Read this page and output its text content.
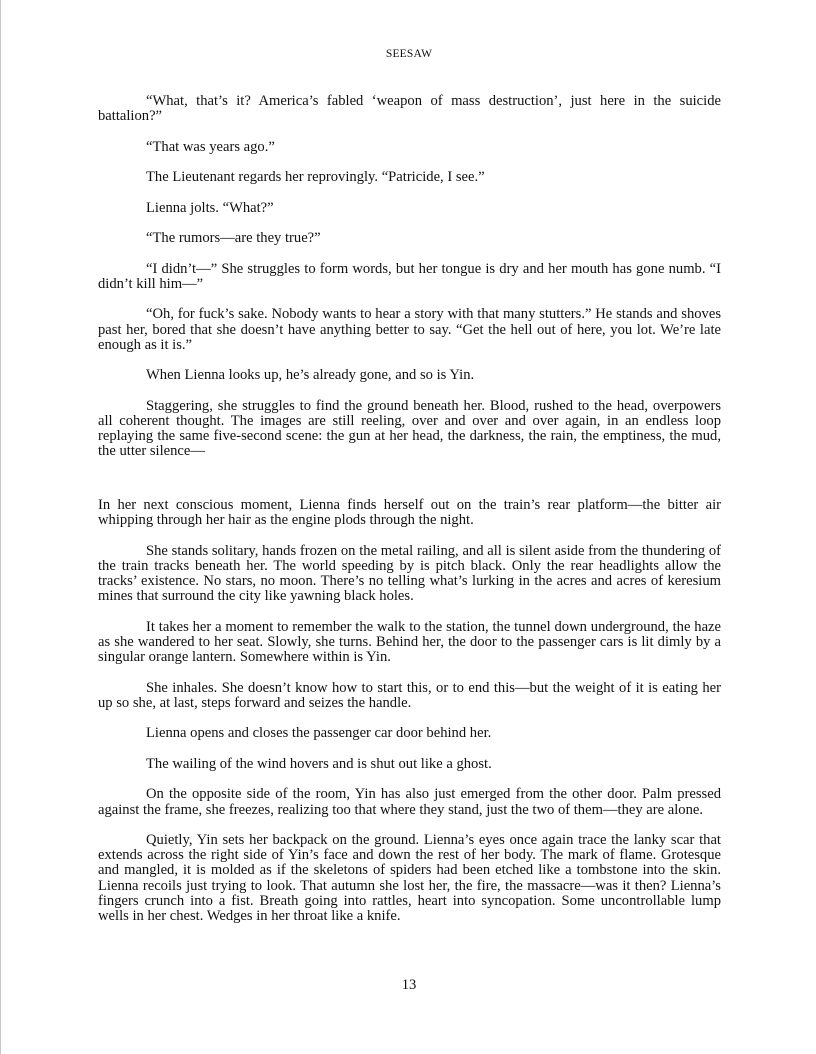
SEESAW

“What, that’s it? America’s fabled ‘weapon of mass destruction’, just here in the suicide battalion?”

“That was years ago.”

The Lieutenant regards her reprovingly. “Patricide, I see.”

Lienna jolts. “What?”

“The rumors—are they true?”

“I didn’t—” She struggles to form words, but her tongue is dry and her mouth has gone numb. “I didn’t kill him—”

“Oh, for fuck’s sake. Nobody wants to hear a story with that many stutters.” He stands and shoves past her, bored that she doesn’t have anything better to say. “Get the hell out of here, you lot. We’re late enough as it is.”

When Lienna looks up, he’s already gone, and so is Yin.

Staggering, she struggles to find the ground beneath her. Blood, rushed to the head, overpowers all coherent thought. The images are still reeling, over and over and over again, in an endless loop replaying the same five-second scene: the gun at her head, the darkness, the rain, the emptiness, the mud, the utter silence—

In her next conscious moment, Lienna finds herself out on the train’s rear platform—the bitter air whipping through her hair as the engine plods through the night.

She stands solitary, hands frozen on the metal railing, and all is silent aside from the thundering of the train tracks beneath her. The world speeding by is pitch black. Only the rear headlights allow the tracks’ existence. No stars, no moon. There’s no telling what’s lurking in the acres and acres of keresium mines that surround the city like yawning black holes.

It takes her a moment to remember the walk to the station, the tunnel down underground, the haze as she wandered to her seat. Slowly, she turns. Behind her, the door to the passenger cars is lit dimly by a singular orange lantern. Somewhere within is Yin.

She inhales. She doesn’t know how to start this, or to end this—but the weight of it is eating her up so she, at last, steps forward and seizes the handle.

Lienna opens and closes the passenger car door behind her.

The wailing of the wind hovers and is shut out like a ghost.

On the opposite side of the room, Yin has also just emerged from the other door. Palm pressed against the frame, she freezes, realizing too that where they stand, just the two of them—they are alone.

Quietly, Yin sets her backpack on the ground. Lienna’s eyes once again trace the lanky scar that extends across the right side of Yin’s face and down the rest of her body. The mark of flame. Grotesque and mangled, it is molded as if the skeletons of spiders had been etched like a tombstone into the skin. Lienna recoils just trying to look. That autumn she lost her, the fire, the massacre—was it then? Lienna’s fingers crunch into a fist. Breath going into rattles, heart into syncopation. Some uncontrollable lump wells in her chest. Wedges in her throat like a knife.

13
